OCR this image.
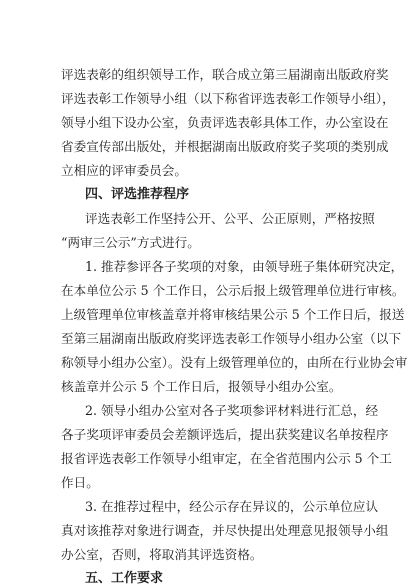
评选表彰的组织领导工作，联合成立第三届湖南出版政府奖
评选表彰工作领导小组（以下称省评选表彰工作领导小组），
领导小组下设办公室，负责评选表彰具体工作，办公室设在
省委宣传部出版处，并根据湖南出版政府奖子奖项的类别成
立相应的评审委员会。
四、评选推荐程序
评选表彰工作坚持公开、公平、公正原则，严格按照
“两审三公示”方式进行。
1. 推荐参评各子奖项的对象，由领导班子集体研究决定，
在本单位公示 5 个工作日，公示后报上级管理单位进行审核。
上级管理单位审核盖章并将审核结果公示 5 个工作日后，报送
至第三届湖南出版政府奖评选表彰工作领导小组办公室（以下
称领导小组办公室）。没有上级管理单位的，由所在行业协会审
核盖章并公示 5 个工作日后，报领导小组办公室。
2. 领导小组办公室对各子奖项参评材料进行汇总，经
各子奖项评审委员会差额评选后，提出获奖建议名单按程序
报省评选表彰工作领导小组审定，在全省范围内公示 5 个工
作日。
3. 在推荐过程中，经公示存在异议的，公示单位应认
真对该推荐对象进行调查，并尽快提出处理意见报领导小组
办公室，否则，将取消其评选资格。
五、工作要求
